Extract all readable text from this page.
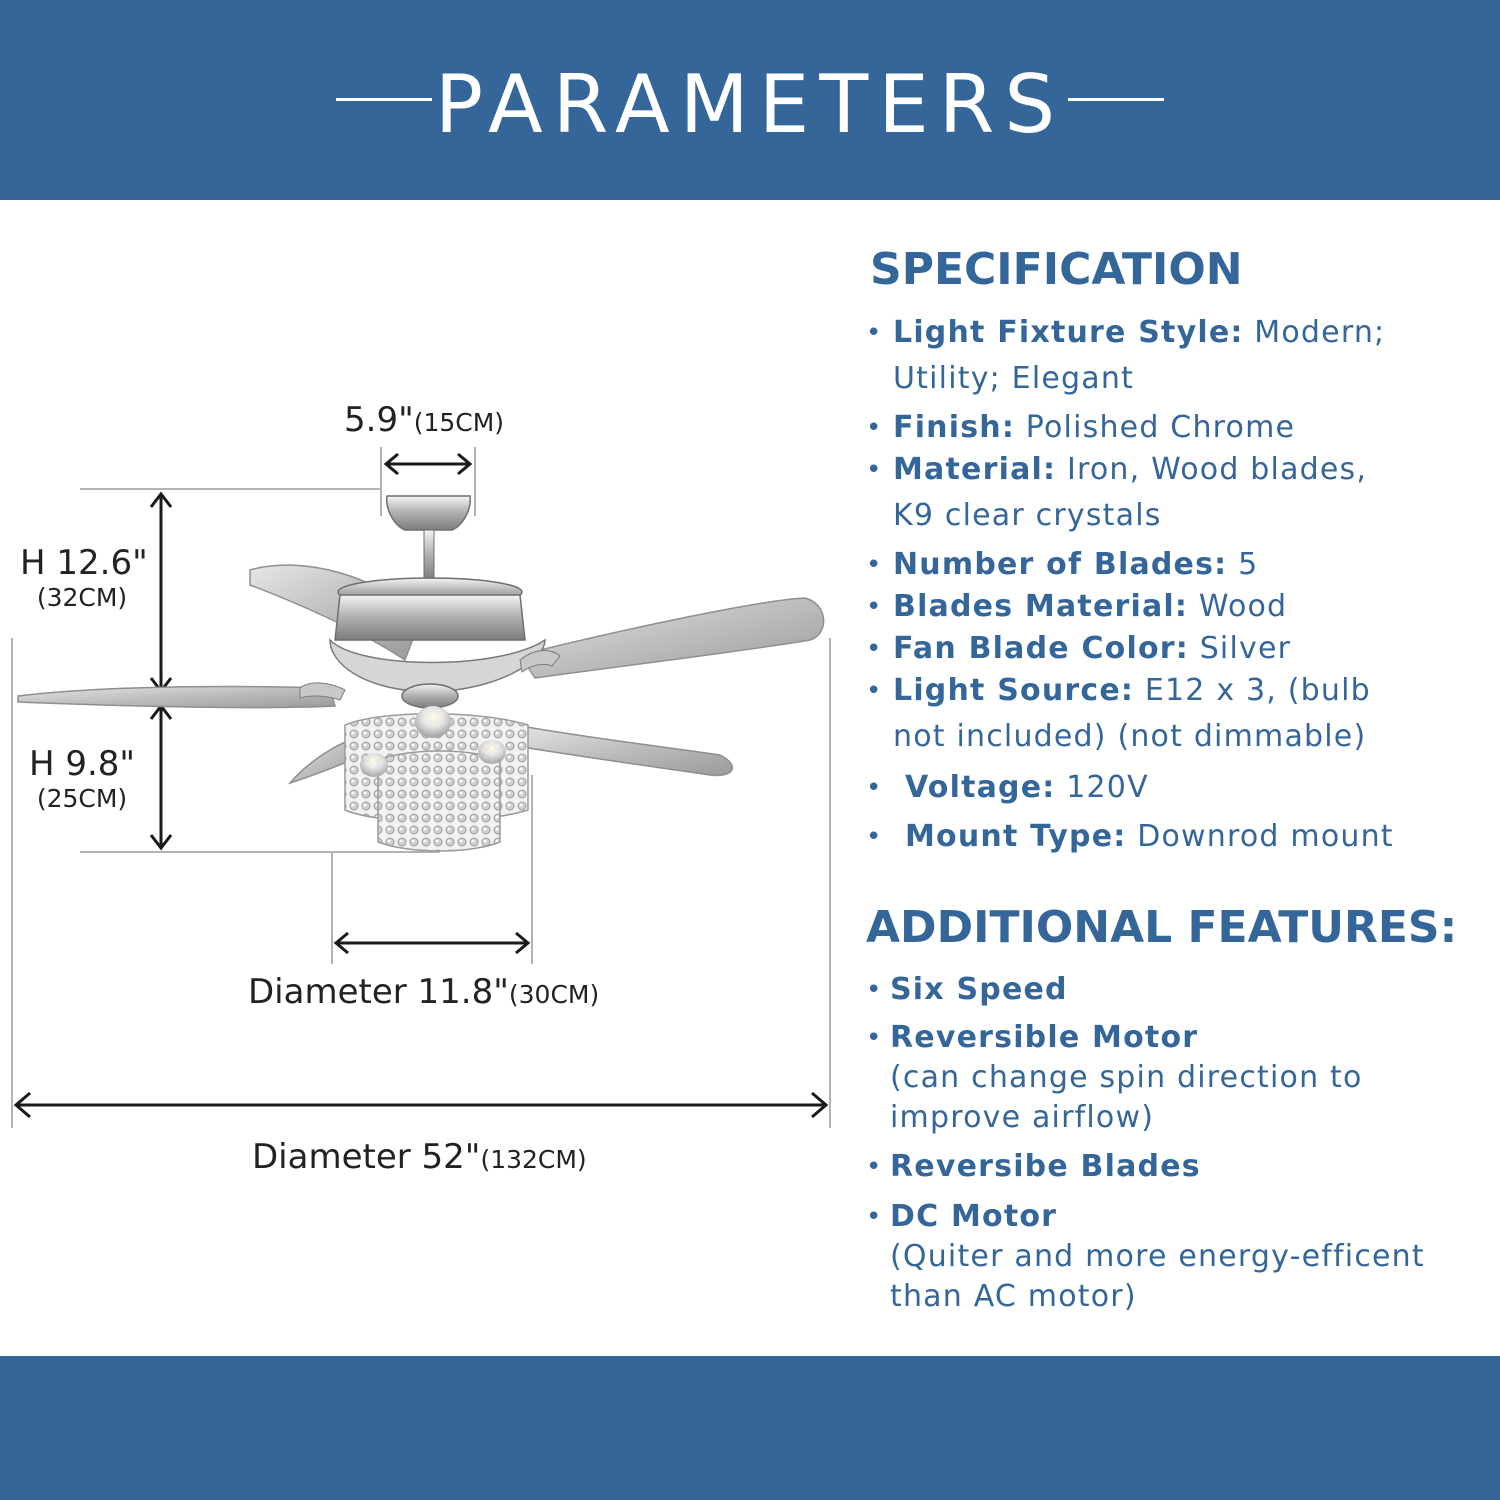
PARAMETERS
5.9"(15CM)
H 12.6"
(32CM)
H 9.8"
(25CM)
Diameter 11.8"(30CM)
Diameter 52"(132CM)
SPECIFICATION
• Light Fixture Style: Modern;
Utility; Elegant
• Finish: Polished Chrome
• Material: Iron, Wood blades,
K9 clear crystals
• Number of Blades: 5
• Blades Material: Wood
• Fan Blade Color: Silver
• Light Source: E12 x 3, (bulb
not included) (not dimmable)
• Voltage: 120V
• Mount Type: Downrod mount
ADDITIONAL FEATURES:
• Six Speed
• Reversible Motor
(can change spin direction to
improve airflow)
• Reversibe Blades
• DC Motor
(Quiter and more energy-efficent
than AC motor)
